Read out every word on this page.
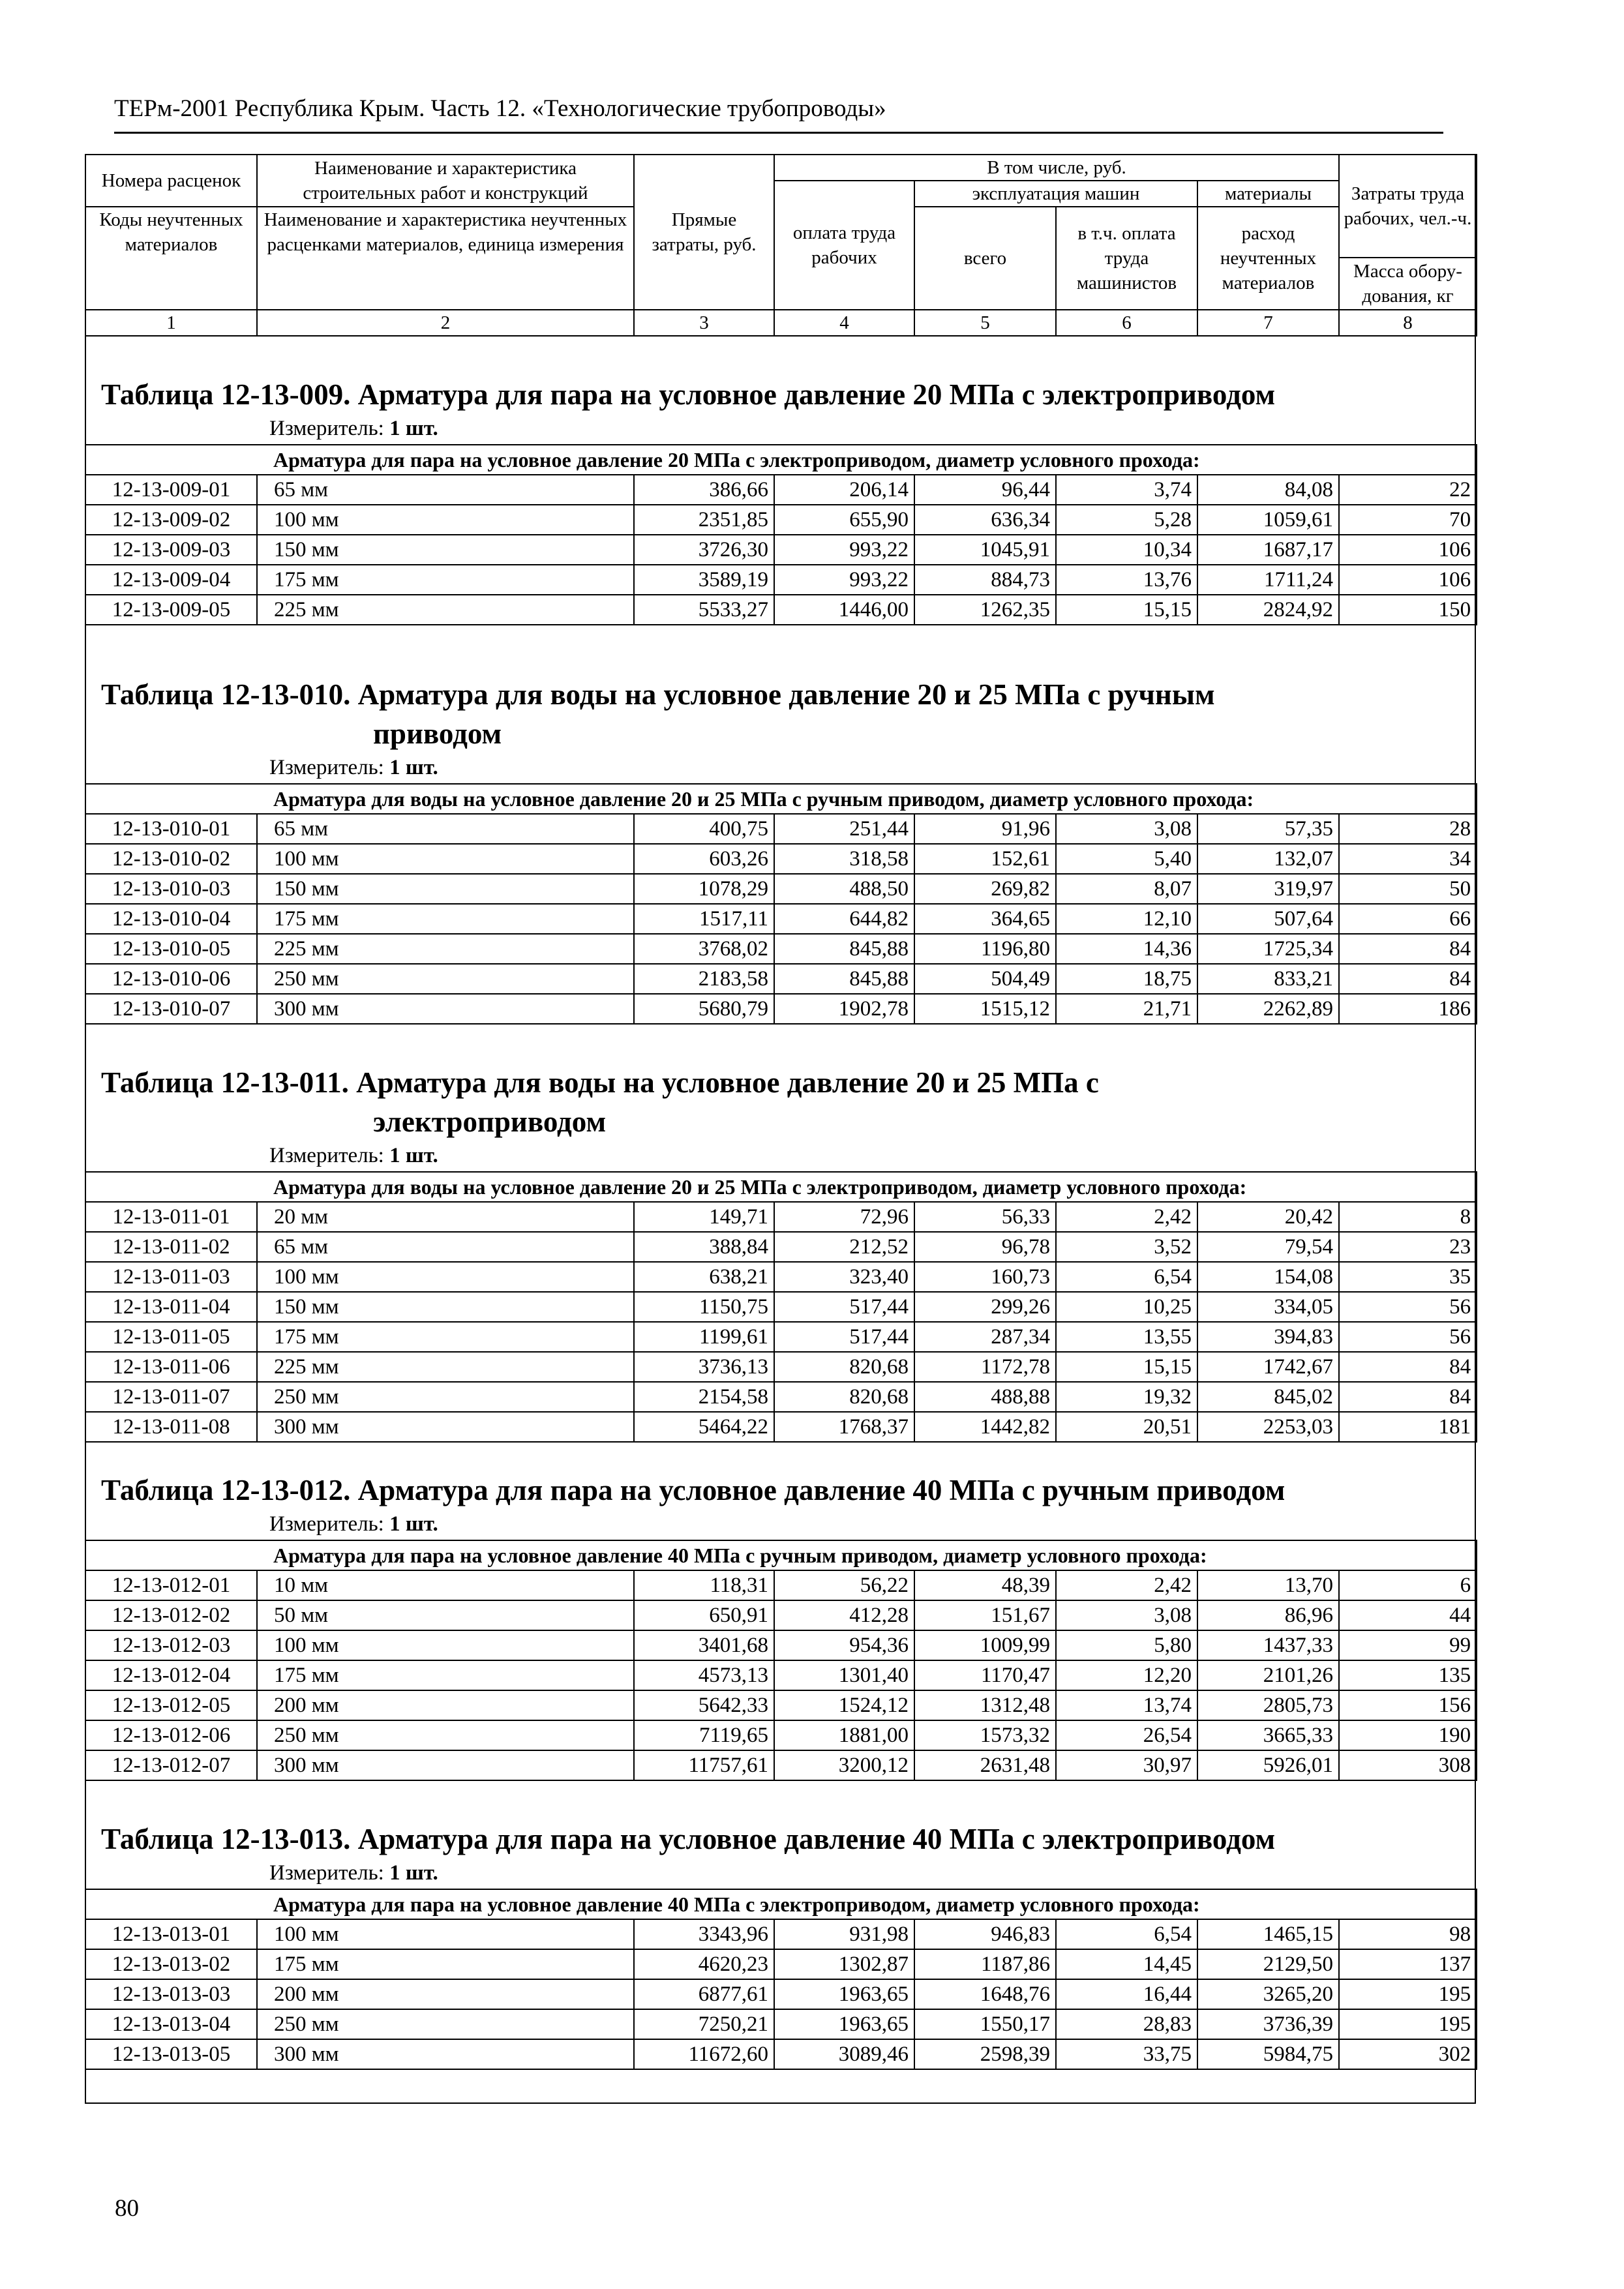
ТЕРм-2001 Республика Крым. Часть 12. «Технологические трубопроводы»
Номера расценок	Наименование и характеристика строительных работ и конструкций	Прямые затраты, руб.	В том числе, руб.				Затраты труда рабочих, чел.-ч.
			оплата труда рабочих	эксплуатация машин		материалы	
Коды неучтенных материалов	Наименование и характеристика неучтенных расценками материалов, единица измерения			всего	в т.ч. оплата труда машинистов	расход неучтенных материалов	
							Масса обору-дования, кг
1	2	3	4	5	6	7	8
Таблица 12-13-009. Арматура для пара на условное давление 20 МПа с электроприводом
Измеритель: 1 шт.
Арматура для пара на условное давление 20 МПа с электроприводом, диаметр условного прохода:							
12-13-009-01	65 мм	386,66	206,14	96,44	3,74	84,08	22
12-13-009-02	100 мм	2351,85	655,90	636,34	5,28	1059,61	70
12-13-009-03	150 мм	3726,30	993,22	1045,91	10,34	1687,17	106
12-13-009-04	175 мм	3589,19	993,22	884,73	13,76	1711,24	106
12-13-009-05	225 мм	5533,27	1446,00	1262,35	15,15	2824,92	150
Таблица 12-13-010. Арматура для воды на условное давление 20 и 25 МПа с ручным
приводом
Измеритель: 1 шт.
Арматура для воды на условное давление 20 и 25 МПа с ручным приводом, диаметр условного прохода:							
12-13-010-01	65 мм	400,75	251,44	91,96	3,08	57,35	28
12-13-010-02	100 мм	603,26	318,58	152,61	5,40	132,07	34
12-13-010-03	150 мм	1078,29	488,50	269,82	8,07	319,97	50
12-13-010-04	175 мм	1517,11	644,82	364,65	12,10	507,64	66
12-13-010-05	225 мм	3768,02	845,88	1196,80	14,36	1725,34	84
12-13-010-06	250 мм	2183,58	845,88	504,49	18,75	833,21	84
12-13-010-07	300 мм	5680,79	1902,78	1515,12	21,71	2262,89	186
Таблица 12-13-011. Арматура для воды на условное давление 20 и 25 МПа с
электроприводом
Измеритель: 1 шт.
Арматура для воды на условное давление 20 и 25 МПа с электроприводом, диаметр условного прохода:							
12-13-011-01	20 мм	149,71	72,96	56,33	2,42	20,42	8
12-13-011-02	65 мм	388,84	212,52	96,78	3,52	79,54	23
12-13-011-03	100 мм	638,21	323,40	160,73	6,54	154,08	35
12-13-011-04	150 мм	1150,75	517,44	299,26	10,25	334,05	56
12-13-011-05	175 мм	1199,61	517,44	287,34	13,55	394,83	56
12-13-011-06	225 мм	3736,13	820,68	1172,78	15,15	1742,67	84
12-13-011-07	250 мм	2154,58	820,68	488,88	19,32	845,02	84
12-13-011-08	300 мм	5464,22	1768,37	1442,82	20,51	2253,03	181
Таблица 12-13-012. Арматура для пара на условное давление 40 МПа с ручным приводом
Измеритель: 1 шт.
Арматура для пара на условное давление 40 МПа с ручным приводом, диаметр условного прохода:							
12-13-012-01	10 мм	118,31	56,22	48,39	2,42	13,70	6
12-13-012-02	50 мм	650,91	412,28	151,67	3,08	86,96	44
12-13-012-03	100 мм	3401,68	954,36	1009,99	5,80	1437,33	99
12-13-012-04	175 мм	4573,13	1301,40	1170,47	12,20	2101,26	135
12-13-012-05	200 мм	5642,33	1524,12	1312,48	13,74	2805,73	156
12-13-012-06	250 мм	7119,65	1881,00	1573,32	26,54	3665,33	190
12-13-012-07	300 мм	11757,61	3200,12	2631,48	30,97	5926,01	308
Таблица 12-13-013. Арматура для пара на условное давление 40 МПа с электроприводом
Измеритель: 1 шт.
Арматура для пара на условное давление 40 МПа с электроприводом, диаметр условного прохода:							
12-13-013-01	100 мм	3343,96	931,98	946,83	6,54	1465,15	98
12-13-013-02	175 мм	4620,23	1302,87	1187,86	14,45	2129,50	137
12-13-013-03	200 мм	6877,61	1963,65	1648,76	16,44	3265,20	195
12-13-013-04	250 мм	7250,21	1963,65	1550,17	28,83	3736,39	195
12-13-013-05	300 мм	11672,60	3089,46	2598,39	33,75	5984,75	302
80
